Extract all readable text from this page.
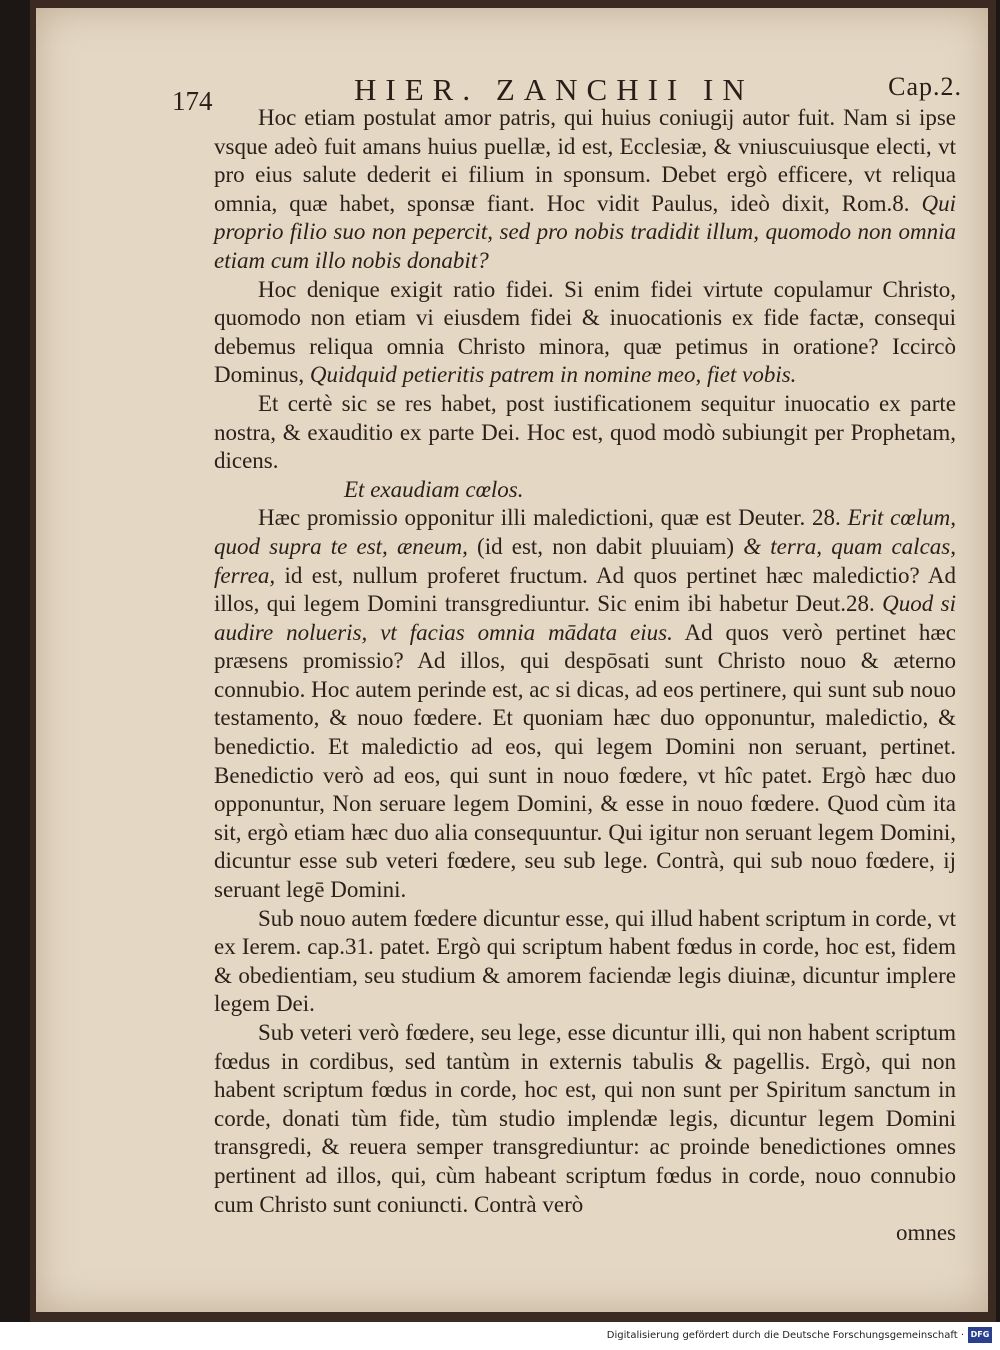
174	HIER. ZANCHII IN	Cap.2.

Hoc etiam postulat amor patris, qui huius coniugij autor fuit. Nam si ipse vsque adeò fuit amans huius puellæ, id est, Ecclesiæ, & vniuscuiusque electi, vt pro eius salute dederit ei filium in sponsum. Debet ergò efficere, vt reliqua omnia, quæ habet, sponsæ fiant. Hoc vidit Paulus, ideò dixit, Rom.8. Qui proprio filio suo non pepercit, sed pro nobis tradidit illum, quomodo non omnia etiam cum illo nobis donabit?

Hoc denique exigit ratio fidei. Si enim fidei virtute copulamur Christo, quomodo non etiam vi eiusdem fidei & inuocationis ex fide factæ, consequi debemus reliqua omnia Christo minora, quæ petimus in oratione? Iccircò Dominus, Quidquid petieritis patrem in nomine meo, fiet vobis.

Et certè sic se res habet, post iustificationem sequitur inuocatio ex parte nostra, & exauditio ex parte Dei. Hoc est, quod modò subiungit per Prophetam, dicens.

Et exaudiam cœlos.

Hæc promissio opponitur illi maledictioni, quæ est Deuter. 28. Erit cœlum, quod supra te est, æneum, (id est, non dabit pluuiam) & terra, quam calcas, ferrea, id est, nullum proferet fructum. Ad quos pertinet hæc maledictio? Ad illos, qui legem Domini transgrediuntur. Sic enim ibi habetur Deut.28. Quod si audire nolueris, vt facias omnia mādata eius. Ad quos verò pertinet hæc præsens promissio? Ad illos, qui despōsati sunt Christo nouo & æterno connubio. Hoc autem perinde est, ac si dicas, ad eos pertinere, qui sunt sub nouo testamento, & nouo fœdere. Et quoniam hæc duo opponuntur, maledictio, & benedictio. Et maledictio ad eos, qui legem Domini non seruant, pertinet. Benedictio verò ad eos, qui sunt in nouo fœdere, vt hîc patet. Ergò hæc duo opponuntur, Non seruare legem Domini, & esse in nouo fœdere. Quod cùm ita sit, ergò etiam hæc duo alia consequuntur. Qui igitur non seruant legem Domini, dicuntur esse sub veteri fœdere, seu sub lege. Contrà, qui sub nouo fœdere, ij seruant legē Domini.

Sub nouo autem fœdere dicuntur esse, qui illud habent scriptum in corde, vt ex Ierem. cap.31. patet. Ergò qui scriptum habent fœdus in corde, hoc est, fidem & obedientiam, seu studium & amorem faciendæ legis diuinæ, dicuntur implere legem Dei.

Sub veteri verò fœdere, seu lege, esse dicuntur illi, qui non habent scriptum fœdus in cordibus, sed tantùm in externis tabulis & pagellis. Ergò, qui non habent scriptum fœdus in corde, hoc est, qui non sunt per Spiritum sanctum in corde, donati tùm fide, tùm studio implendæ legis, dicuntur legem Domini transgredi, & reuera semper transgrediuntur: ac proinde benedictiones omnes pertinent ad illos, qui, cùm habeant scriptum fœdus in corde, nouo connubio cum Christo sunt coniuncti. Contrà verò

omnes

Digitalisierung gefördert durch die Deutsche Forschungsgemeinschaft · DFG
